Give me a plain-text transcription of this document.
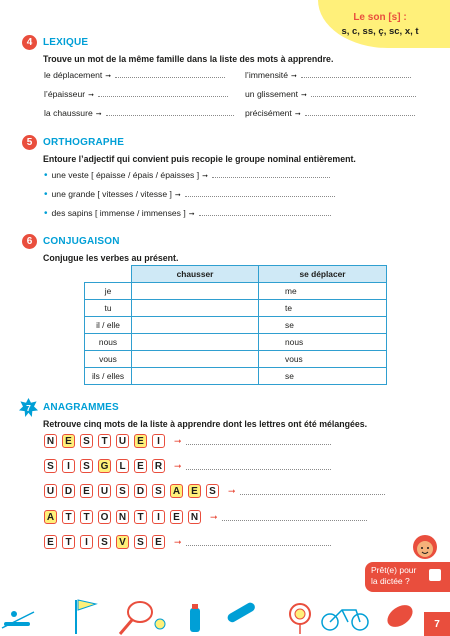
Le son [s] :
s, c, ss, ç, sc, x, t
4	LEXIQUE
Trouve un mot de la même famille dans la liste des mots à apprendre.
le déplacement ➞	l’immensité ➞
l’épaisseur ➞	un glissement ➞
la chaussure ➞	précisément ➞
5	ORTHOGRAPHE
Entoure l’adjectif qui convient puis recopie le groupe nominal entièrement.
• une veste [ épaisse / épais / épaisses ] ➞
• une grande [ vitesses / vitesse ] ➞
• des sapins [ immense / immenses ] ➞
6	CONJUGAISON
Conjugue les verbes au présent.
	chausser	se déplacer
je		me
tu		te
il / elle		se
nous		nous
vous		vous
ils / elles		se
7 ANAGRAMMES
Retrouve cinq mots de la liste à apprendre dont les lettres ont été mélangées.
N	E	S	T	U	E	I	➞
S	I	S	G	L	E	R	➞
U D	E	U	S	D	S	A	E	S	➞
A	T	T	O N	T	I	E	N	➞
E	T	I	S	V	S	E	➞
Prêt(e) pour
la dictée ?
7
